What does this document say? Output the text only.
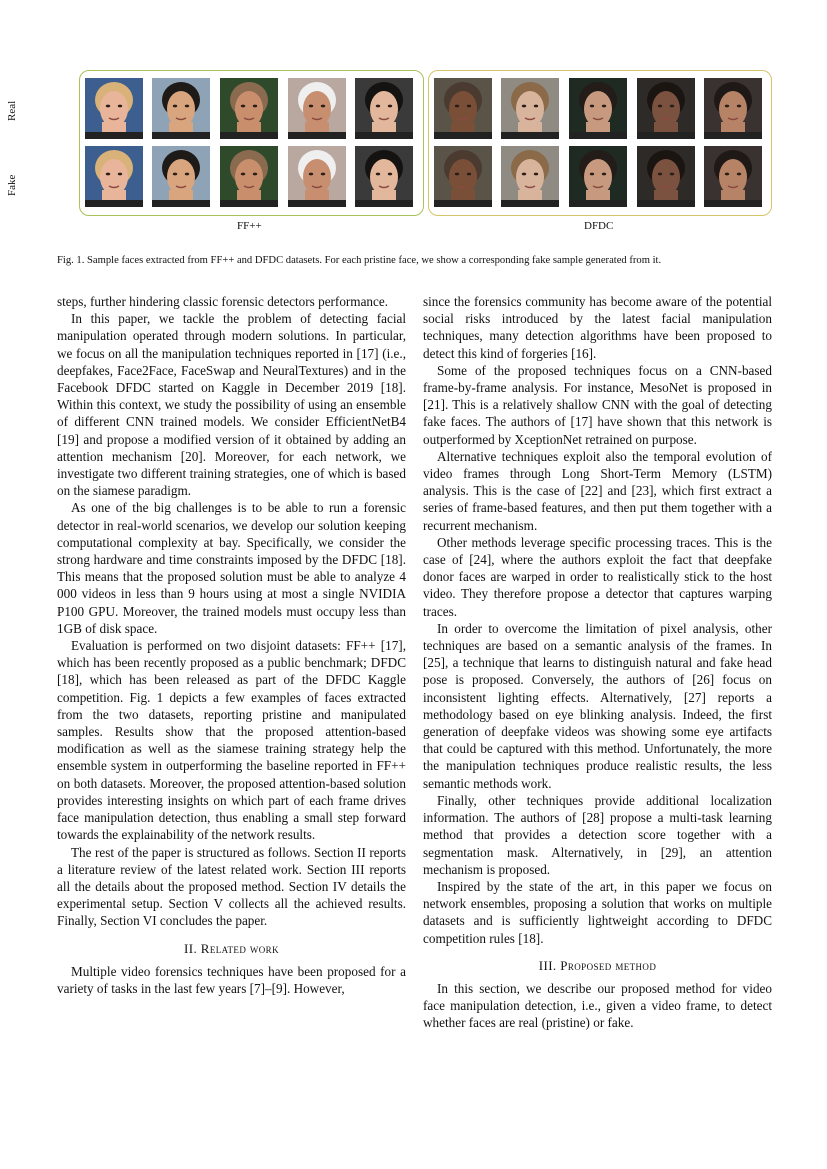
Real
Fake
FF++	DFDC
Fig. 1. Sample faces extracted from FF++ and DFDC datasets. For each pristine face, we show a corresponding fake sample generated from it.

steps, further hindering classic forensic detectors performance.

In this paper, we tackle the problem of detecting facial manipulation operated through modern solutions. In particular, we focus on all the manipulation techniques reported in [17] (i.e., deepfakes, Face2Face, FaceSwap and NeuralTextures) and in the Facebook DFDC started on Kaggle in December 2019 [18]. Within this context, we study the possibility of using an ensemble of different CNN trained models. We consider EfficientNetB4 [19] and propose a modified version of it obtained by adding an attention mechanism [20]. Moreover, for each network, we investigate two different training strategies, one of which is based on the siamese paradigm.

As one of the big challenges is to be able to run a forensic detector in real-world scenarios, we develop our solution keeping computational complexity at bay. Specifically, we consider the strong hardware and time constraints imposed by the DFDC [18]. This means that the proposed solution must be able to analyze 4 000 videos in less than 9 hours using at most a single NVIDIA P100 GPU. Moreover, the trained models must occupy less than 1GB of disk space.

Evaluation is performed on two disjoint datasets: FF++ [17], which has been recently proposed as a public benchmark; DFDC [18], which has been released as part of the DFDC Kaggle competition. Fig. 1 depicts a few examples of faces extracted from the two datasets, reporting pristine and manipulated samples. Results show that the proposed attention-based modification as well as the siamese training strategy help the ensemble system in outperforming the baseline reported in FF++ on both datasets. Moreover, the proposed attention-based solution provides interesting insights on which part of each frame drives face manipulation detection, thus enabling a small step forward towards the explainability of the network results.

The rest of the paper is structured as follows. Section II reports a literature review of the latest related work. Section III reports all the details about the proposed method. Section IV details the experimental setup. Section V collects all the achieved results. Finally, Section VI concludes the paper.

II. Related work

Multiple video forensics techniques have been proposed for a variety of tasks in the last few years [7]–[9]. However,

since the forensics community has become aware of the potential social risks introduced by the latest facial manipulation techniques, many detection algorithms have been proposed to detect this kind of forgeries [16].

Some of the proposed techniques focus on a CNN-based frame-by-frame analysis. For instance, MesoNet is proposed in [21]. This is a relatively shallow CNN with the goal of detecting fake faces. The authors of [17] have shown that this network is outperformed by XceptionNet retrained on purpose.

Alternative techniques exploit also the temporal evolution of video frames through Long Short-Term Memory (LSTM) analysis. This is the case of [22] and [23], which first extract a series of frame-based features, and then put them together with a recurrent mechanism.

Other methods leverage specific processing traces. This is the case of [24], where the authors exploit the fact that deepfake donor faces are warped in order to realistically stick to the host video. They therefore propose a detector that captures warping traces.

In order to overcome the limitation of pixel analysis, other techniques are based on a semantic analysis of the frames. In [25], a technique that learns to distinguish natural and fake head pose is proposed. Conversely, the authors of [26] focus on inconsistent lighting effects. Alternatively, [27] reports a methodology based on eye blinking analysis. Indeed, the first generation of deepfake videos was showing some eye artifacts that could be captured with this method. Unfortunately, the more the manipulation techniques produce realistic results, the less semantic methods work.

Finally, other techniques provide additional localization information. The authors of [28] propose a multi-task learning method that provides a detection score together with a segmentation mask. Alternatively, in [29], an attention mechanism is proposed.

Inspired by the state of the art, in this paper we focus on network ensembles, proposing a solution that works on multiple datasets and is sufficiently lightweight according to DFDC competition rules [18].

III. Proposed method

In this section, we describe our proposed method for video face manipulation detection, i.e., given a video frame, to detect whether faces are real (pristine) or fake.
